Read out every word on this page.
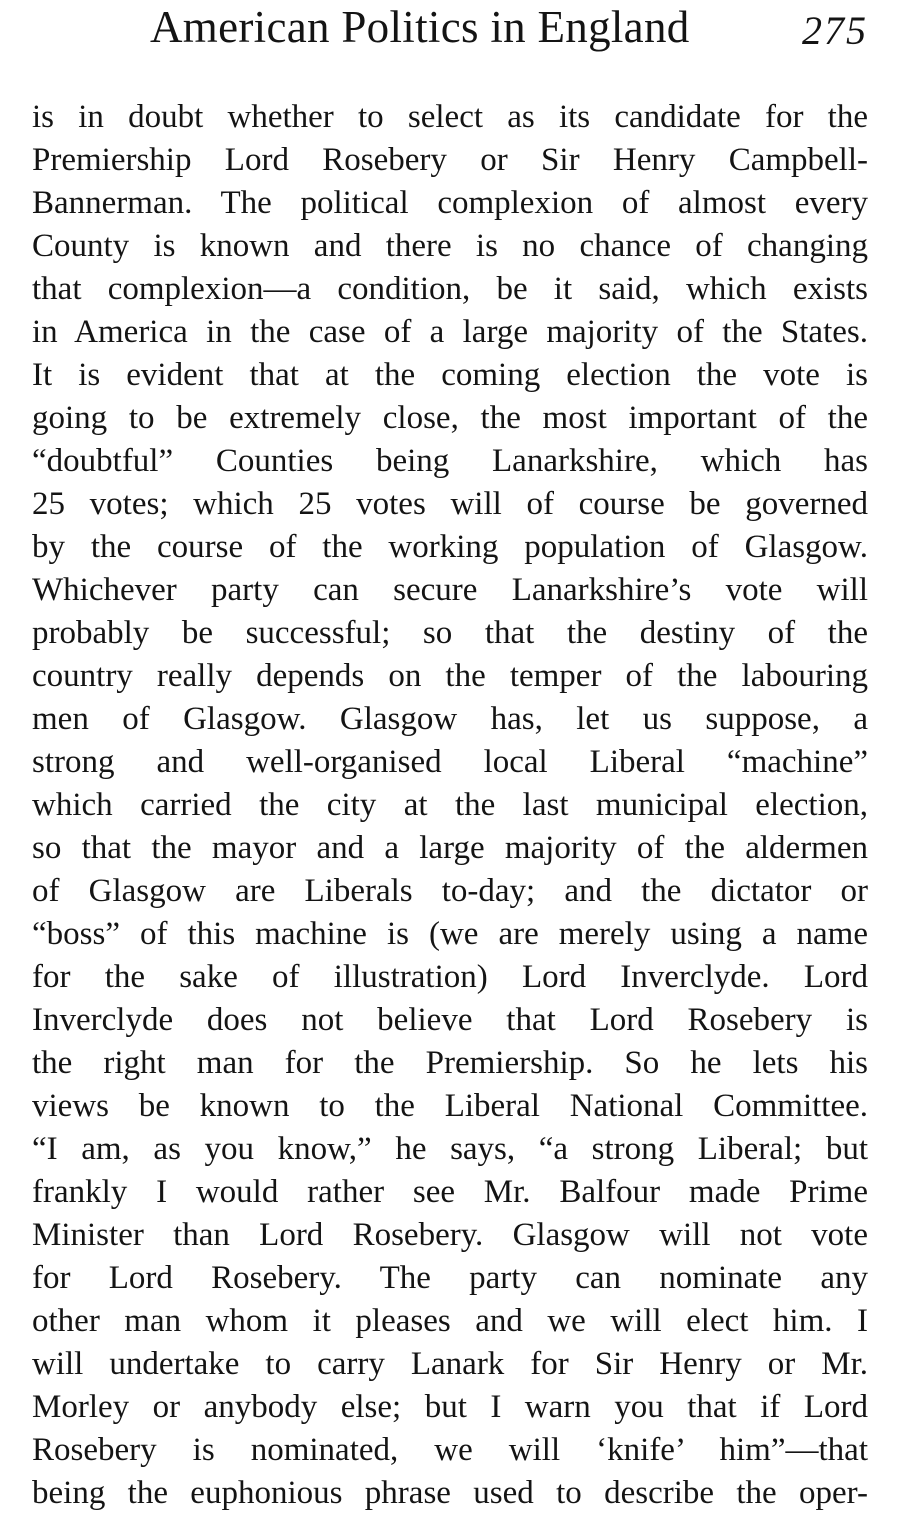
American Politics in England	275
is in doubt whether to select as its candidate for the
Premiership Lord Rosebery or Sir Henry Campbell-
Bannerman. The political complexion of almost every
County is known and there is no chance of changing
that complexion—a condition, be it said, which exists
in America in the case of a large majority of the States.
It is evident that at the coming election the vote is
going to be extremely close, the most important of the
“doubtful” Counties being Lanarkshire, which has
25 votes; which 25 votes will of course be governed
by the course of the working population of Glasgow.
Whichever party can secure Lanarkshire’s vote will
probably be successful; so that the destiny of the
country really depends on the temper of the labouring
men of Glasgow. Glasgow has, let us suppose, a
strong and well-organised local Liberal “machine”
which carried the city at the last municipal election,
so that the mayor and a large majority of the aldermen
of Glasgow are Liberals to-day; and the dictator or
“boss” of this machine is (we are merely using a name
for the sake of illustration) Lord Inverclyde. Lord
Inverclyde does not believe that Lord Rosebery is
the right man for the Premiership. So he lets his
views be known to the Liberal National Committee.
“I am, as you know,” he says, “a strong Liberal; but
frankly I would rather see Mr. Balfour made Prime
Minister than Lord Rosebery. Glasgow will not vote
for Lord Rosebery. The party can nominate any
other man whom it pleases and we will elect him. I
will undertake to carry Lanark for Sir Henry or Mr.
Morley or anybody else; but I warn you that if Lord
Rosebery is nominated, we will ‘knife’ him”—that
being the euphonious phrase used to describe the oper-
